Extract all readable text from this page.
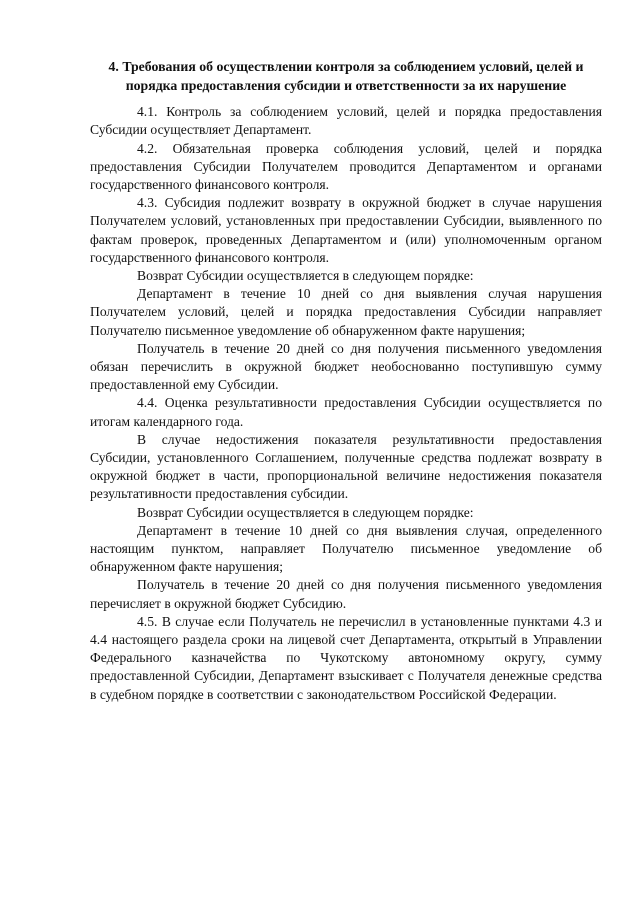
4. Требования об осуществлении контроля за соблюдением условий, целей и порядка предоставления субсидии и ответственности за их нарушение

4.1. Контроль за соблюдением условий, целей и порядка предоставления Субсидии осуществляет Департамент.

4.2. Обязательная проверка соблюдения условий, целей и порядка предоставления Субсидии Получателем проводится Департаментом и органами государственного финансового контроля.

4.3. Субсидия подлежит возврату в окружной бюджет в случае нарушения Получателем условий, установленных при предоставлении Субсидии, выявленного по фактам проверок, проведенных Департаментом и (или) уполномоченным органом государственного финансового контроля.

Возврат Субсидии осуществляется в следующем порядке:

Департамент в течение 10 дней со дня выявления случая нарушения Получателем условий, целей и порядка предоставления Субсидии направляет Получателю письменное уведомление об обнаруженном факте нарушения;

Получатель в течение 20 дней со дня получения письменного уведомления обязан перечислить в окружной бюджет необоснованно поступившую сумму предоставленной ему Субсидии.

4.4. Оценка результативности предоставления Субсидии осуществляется по итогам календарного года.

В случае недостижения показателя результативности предоставления Субсидии, установленного Соглашением, полученные средства подлежат возврату в окружной бюджет в части, пропорциональной величине недостижения показателя результативности предоставления субсидии.

Возврат Субсидии осуществляется в следующем порядке:

Департамент в течение 10 дней со дня выявления случая, определенного настоящим пунктом, направляет Получателю письменное уведомление об обнаруженном факте нарушения;

Получатель в течение 20 дней со дня получения письменного уведомления перечисляет в окружной бюджет Субсидию.

4.5. В случае если Получатель не перечислил в установленные пунктами 4.3 и 4.4 настоящего раздела сроки на лицевой счет Департамента, открытый в Управлении Федерального казначейства по Чукотскому автономному округу, сумму предоставленной Субсидии, Департамент взыскивает с Получателя денежные средства в судебном порядке в соответствии с законодательством Российской Федерации.
